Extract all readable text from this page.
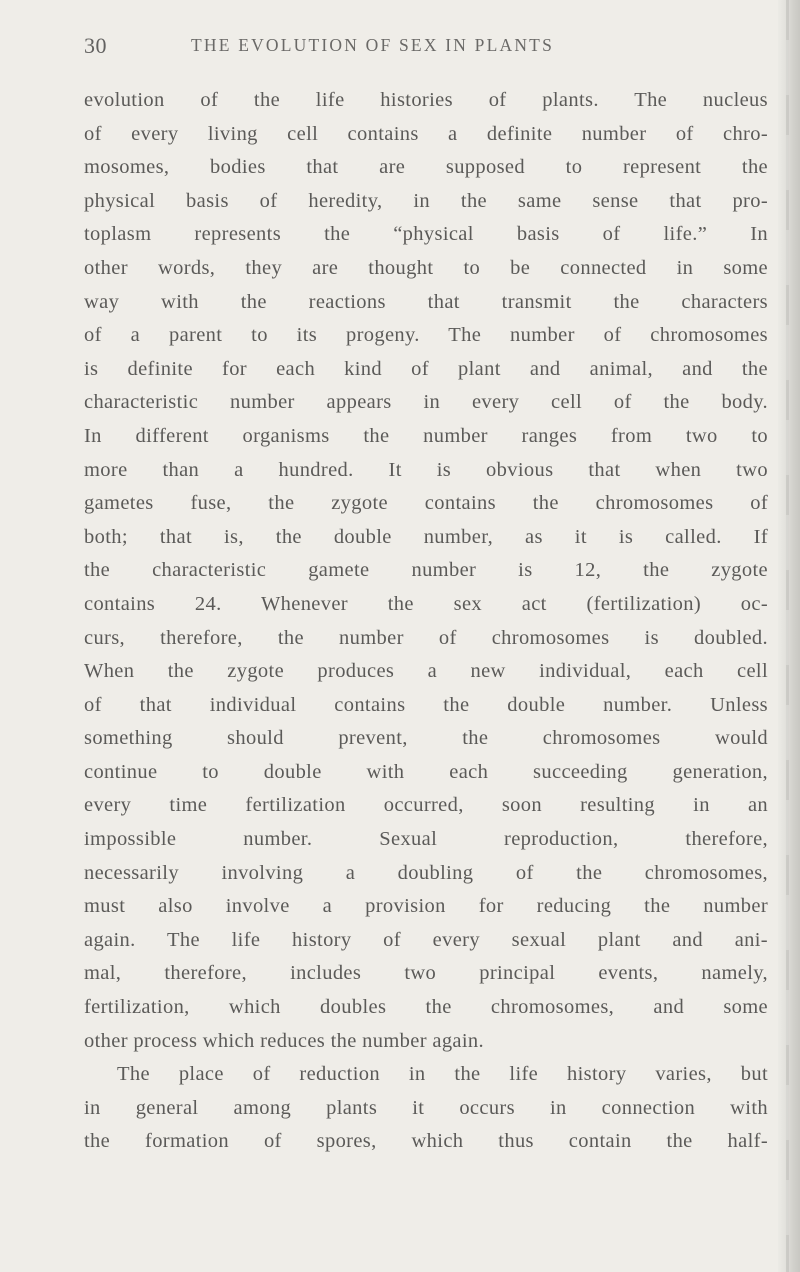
30	THE EVOLUTION OF SEX IN PLANTS
evolution of the life histories of plants. The nucleus
of every living cell contains a definite number of chro-
mosomes, bodies that are supposed to represent the
physical basis of heredity, in the same sense that pro-
toplasm represents the “physical basis of life.” In
other words, they are thought to be connected in some
way with the reactions that transmit the characters
of a parent to its progeny. The number of chromosomes
is definite for each kind of plant and animal, and the
characteristic number appears in every cell of the body.
In different organisms the number ranges from two to
more than a hundred. It is obvious that when two
gametes fuse, the zygote contains the chromosomes of
both; that is, the double number, as it is called. If
the characteristic gamete number is 12, the zygote
contains 24. Whenever the sex act (fertilization) oc-
curs, therefore, the number of chromosomes is doubled.
When the zygote produces a new individual, each cell
of that individual contains the double number. Unless
something should prevent, the chromosomes would
continue to double with each succeeding generation,
every time fertilization occurred, soon resulting in an
impossible number. Sexual reproduction, therefore,
necessarily involving a doubling of the chromosomes,
must also involve a provision for reducing the number
again. The life history of every sexual plant and ani-
mal, therefore, includes two principal events, namely,
fertilization, which doubles the chromosomes, and some
other process which reduces the number again.
The place of reduction in the life history varies, but
in general among plants it occurs in connection with
the formation of spores, which thus contain the half-
